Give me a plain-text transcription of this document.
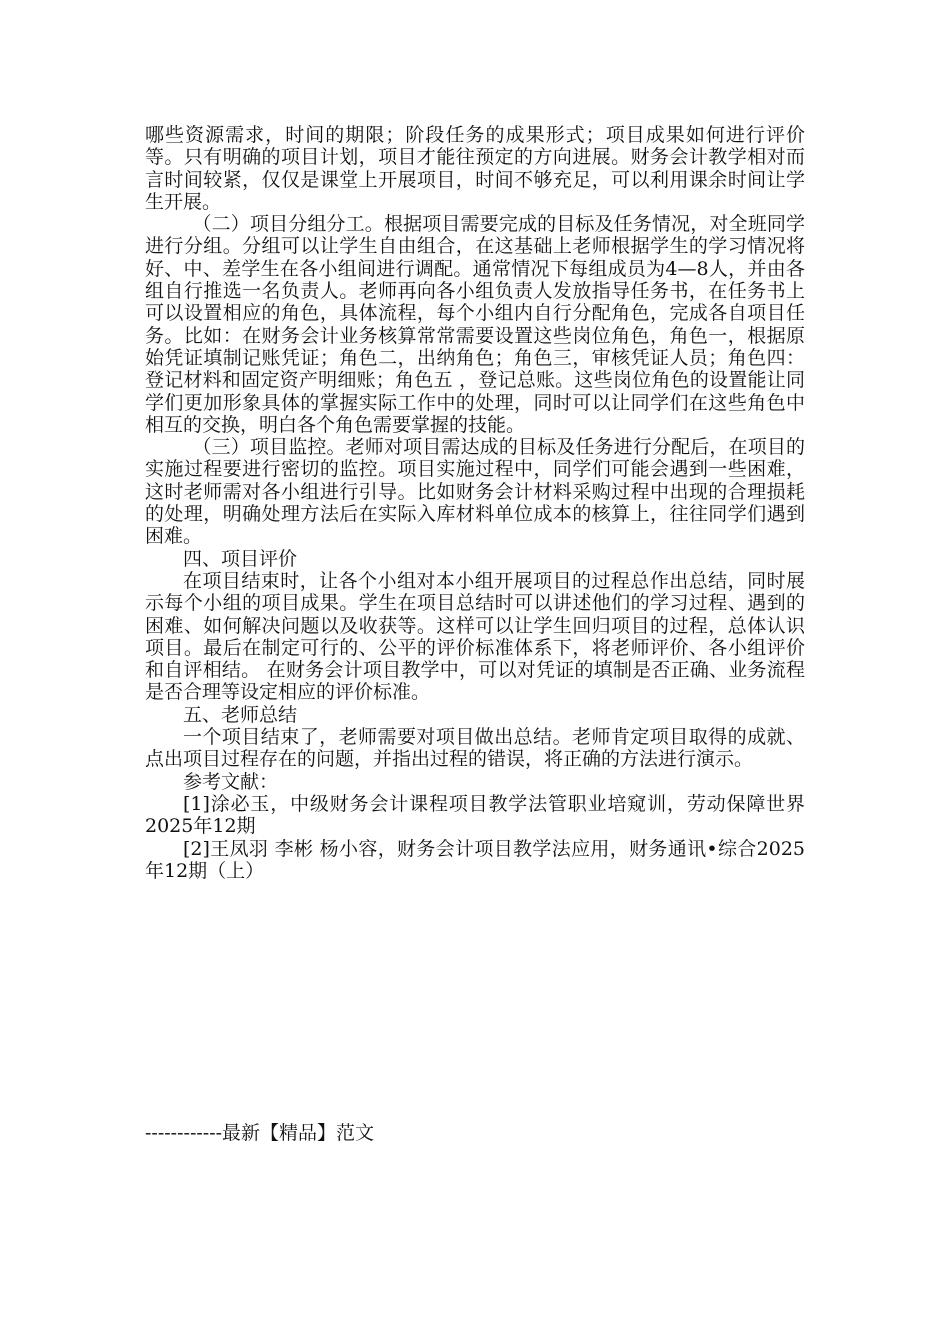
哪些资源需求，时间的期限；阶段任务的成果形式；项目成果如何进行评价等。只有明确的项目计划，项目才能往预定的方向进展。财务会计教学相对而言时间较紧，仅仅是课堂上开展项目，时间不够充足，可以利用课余时间让学生开展。

（二）项目分组分工。根据项目需要完成的目标及任务情况，对全班同学进行分组。分组可以让学生自由组合，在这基础上老师根据学生的学习情况将好、中、差学生在各小组间进行调配。通常情况下每组成员为4—8人，并由各组自行推选一名负责人。老师再向各小组负责人发放指导任务书，在任务书上可以设置相应的角色，具体流程，每个小组内自行分配角色，完成各自项目任务。比如：在财务会计业务核算常常需要设置这些岗位角色，角色一，根据原始凭证填制记账凭证；角色二，出纳角色；角色三，审核凭证人员；角色四：登记材料和固定资产明细账；角色五 ，登记总账。这些岗位角色的设置能让同学们更加形象具体的掌握实际工作中的处理，同时可以让同学们在这些角色中相互的交换，明白各个角色需要掌握的技能。

（三）项目监控。老师对项目需达成的目标及任务进行分配后，在项目的实施过程要进行密切的监控。项目实施过程中，同学们可能会遇到一些困难，这时老师需对各小组进行引导。比如财务会计材料采购过程中出现的合理损耗的处理，明确处理方法后在实际入库材料单位成本的核算上，往往同学们遇到困难。

四、项目评价

在项目结束时，让各个小组对本小组开展项目的过程总作出总结，同时展示每个小组的项目成果。学生在项目总结时可以讲述他们的学习过程、遇到的困难、如何解决问题以及收获等。这样可以让学生回归项目的过程，总体认识项目。最后在制定可行的、公平的评价标准体系下，将老师评价、各小组评价和自评相结。 在财务会计项目教学中，可以对凭证的填制是否正确、业务流程是否合理等设定相应的评价标准。

五、老师总结

一个项目结束了，老师需要对项目做出总结。老师肯定项目取得的成就、点出项目过程存在的问题，并指出过程的错误，将正确的方法进行演示。

参考文献：

[1]涂必玉，中级财务会计课程项目教学法管职业培窥训，劳动保障世界2025年12期

[2]王凤羽 李彬 杨小容，财务会计项目教学法应用，财务通讯•综合2025年12期（上）

------------最新【精品】范文
